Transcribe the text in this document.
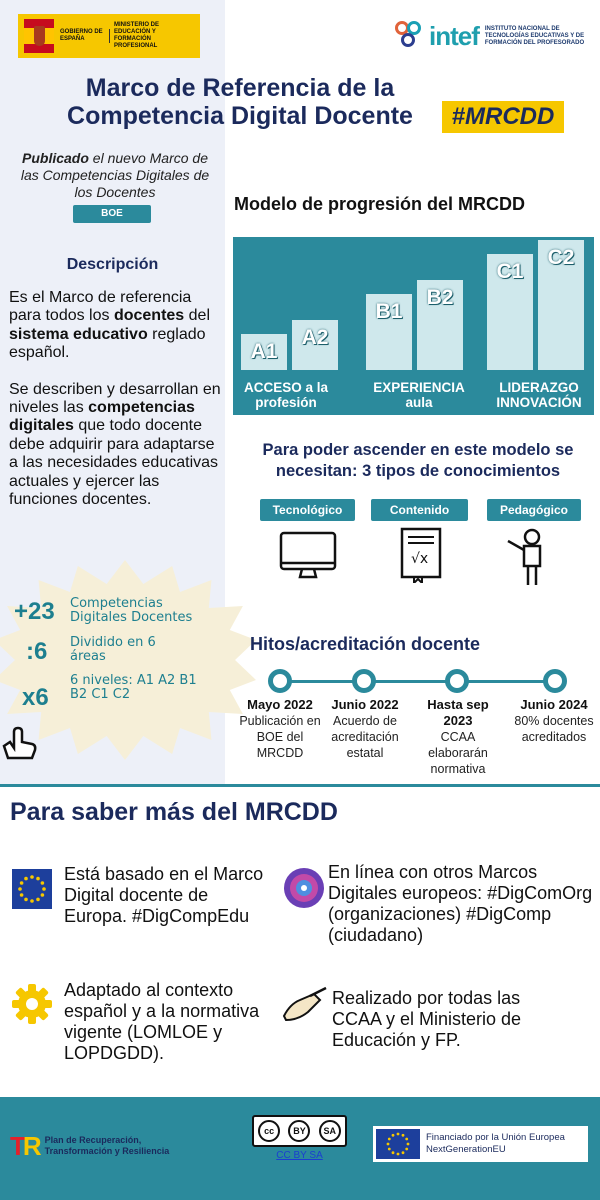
GOBIERNO DE ESPAÑA
MINISTERIO DE EDUCACIÓN Y FORMACIÓN PROFESIONAL	intef INSTITUTO NACIONAL DE TECNOLOGÍAS EDUCATIVAS Y DE FORMACIÓN DEL PROFESORADO
Marco de Referencia de la Competencia Digital Docente	#MRCDD
Publicado el nuevo Marco de las Competencias Digitales de los Docentes
BOE
Descripción

Es el Marco de referencia para todos los docentes del sistema educativo reglado español.

Se describen y desarrollan en niveles las competencias digitales que todo docente debe adquirir para adaptarse a las necesidades educativas actuales y ejercer las funciones docentes.

+23 Competencias Digitales Docentes
:6 Dividido en 6 áreas
x6
6 niveles: A1 A2 B1 B2 C1 C2
Modelo de progresión del MRCDD
A1
A2
B1
B2
C1
C2
ACCESO a la profesión
EXPERIENCIA aula
LIDERAZGO INNOVACIÓN
Para poder ascender en este modelo se necesitan: 3 tipos de conocimientos
Tecnológico	Contenido	Pedagógico
√x
Hitos/acreditación docente
Mayo 2022
Publicación en BOE del MRCDD
Junio 2022
Acuerdo de acreditación estatal
Hasta sep 2023
CCAA elaborarán normativa
Junio 2024
80% docentes acreditados
Para saber más del MRCDD
Está basado en el Marco Digital docente de Europa. #DigCompEdu
En línea con otros Marcos Digitales europeos: #DigComOrg (organizaciones) #DigComp (ciudadano)
Adaptado al contexto español y a la normativa vigente (LOMLOE y LOPDGDD).
Realizado por todas las CCAA y el Ministerio de Educación y FP.
TR Plan de Recuperación, Transformación y Resiliencia
cc	BY	SA
CC BY SA
Financiado por la Unión Europea
NextGenerationEU
